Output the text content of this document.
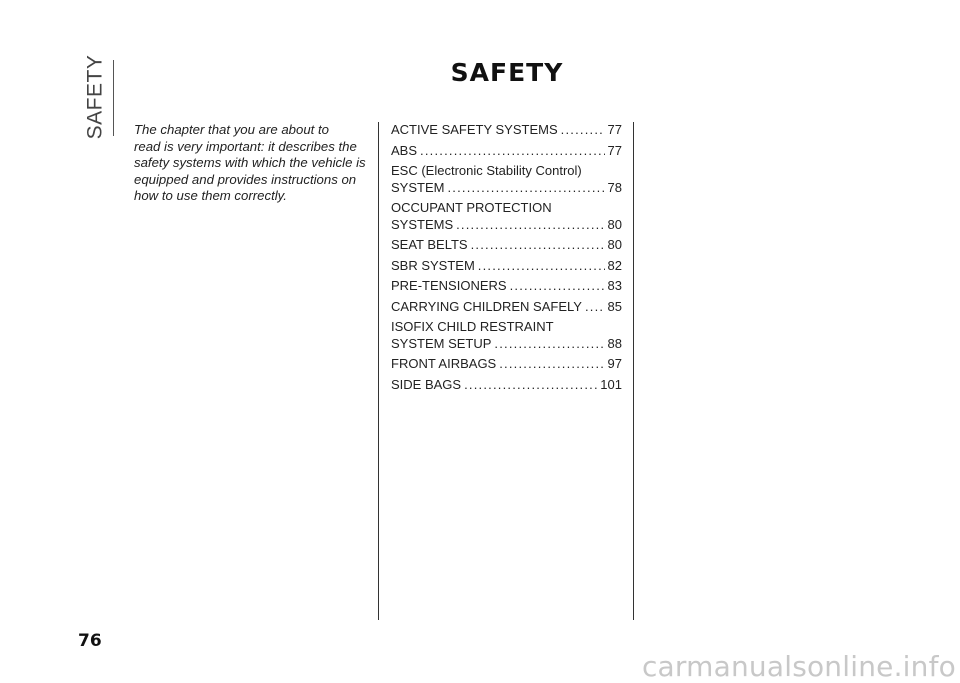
SAFETY	SAFETY
The chapter that you are about to
read is very important: it describes the
safety systems with which the vehicle is
equipped and provides instructions on
how to use them correctly.
ACTIVE SAFETY SYSTEMS .....	77
ABS .....	77
ESC (Electronic Stability Control)
SYSTEM .....	78
OCCUPANT PROTECTION
SYSTEMS .....	80
SEAT BELTS .....	80
SBR SYSTEM .....	82
PRE-TENSIONERS .....	83
CARRYING CHILDREN SAFELY ..... 85
ISOFIX CHILD RESTRAINT
SYSTEM SETUP .....	88
FRONT AIRBAGS .....	97
SIDE BAGS .....	101
76
carmanualsonline.info
